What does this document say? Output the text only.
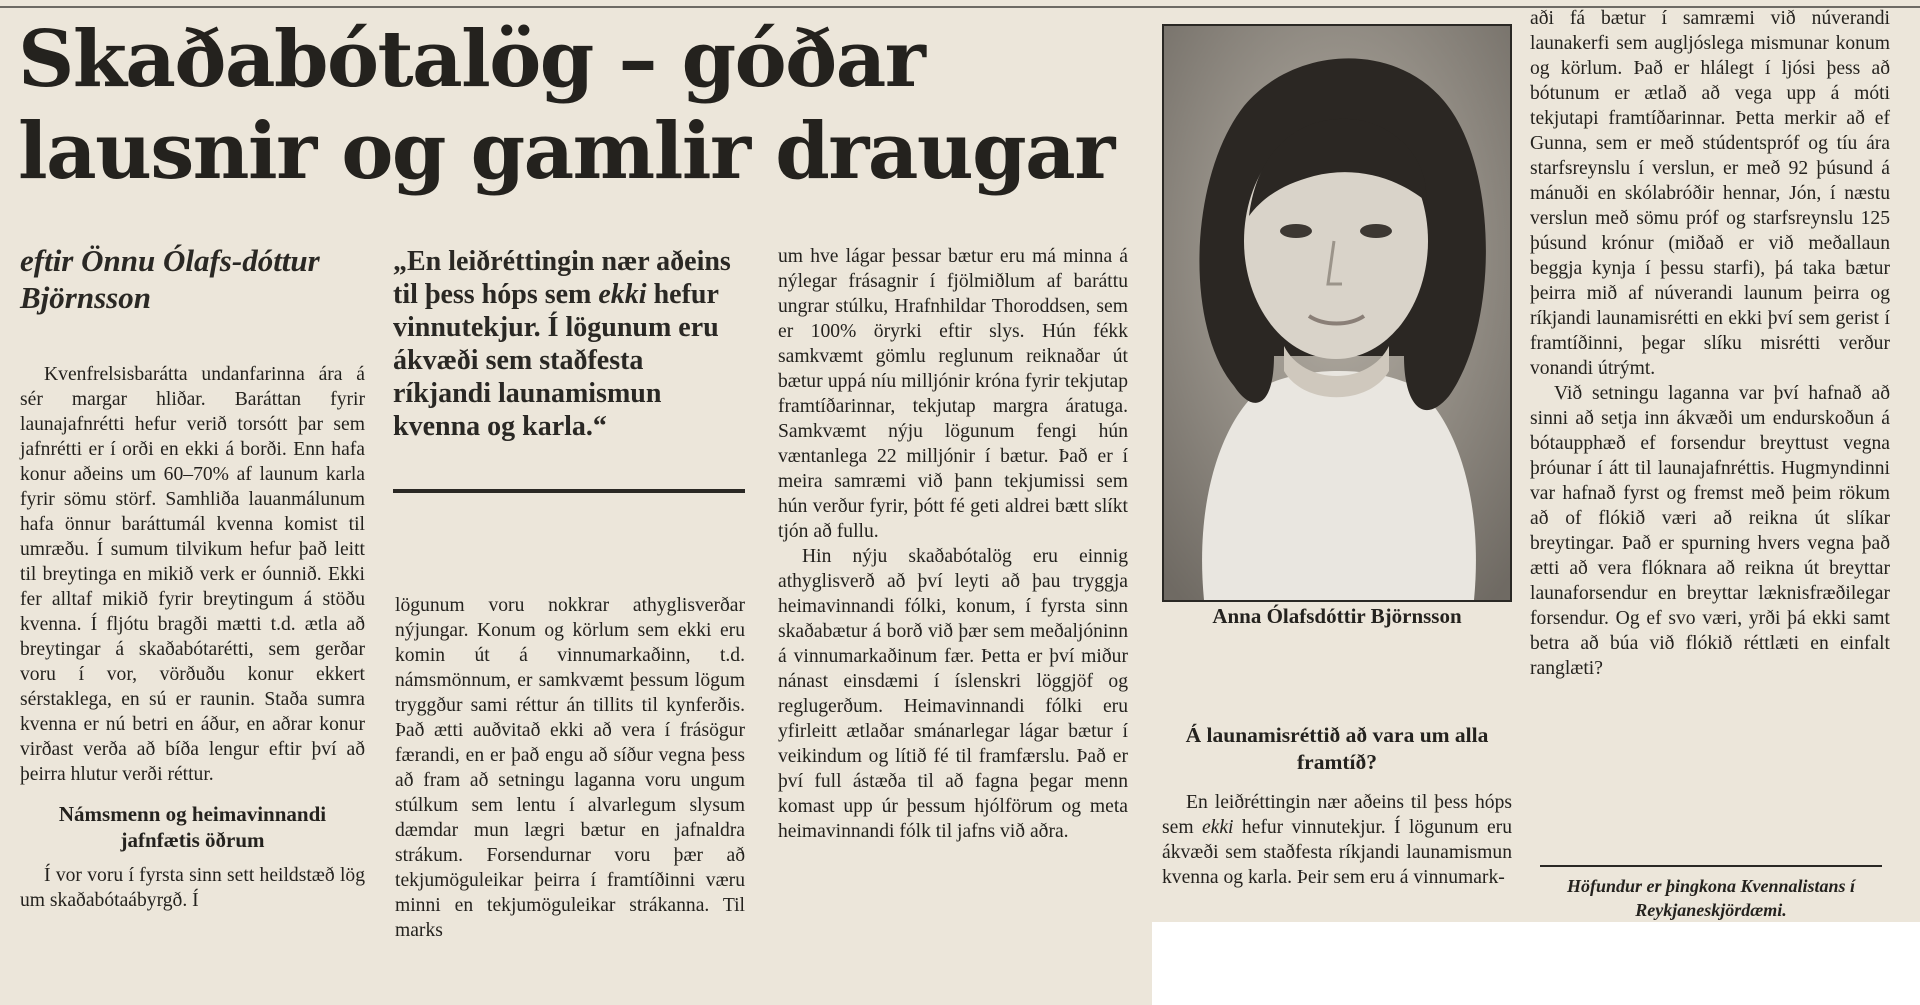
Skaðabótalög – góðar lausnir og gamlir draugar
eftir Önnu Ólafs-dóttur Björnsson
„En leiðréttingin nær aðeins til þess hóps sem ekki hefur vinnutekjur. Í lögunum eru ákvæði sem staðfesta ríkjandi launamismun kvenna og karla.“

Kvenfrelsisbarátta undanfarinna ára á sér margar hliðar. Baráttan fyrir launajafnrétti hefur verið torsótt þar sem jafnrétti er í orði en ekki á borði. Enn hafa konur aðeins um 60–70% af launum karla fyrir sömu störf. Samhliða lauanmálunum hafa önnur baráttumál kvenna komist til umræðu. Í sumum tilvikum hefur það leitt til breytinga en mikið verk er óunnið. Ekki fer alltaf mikið fyrir breytingum á stöðu kvenna. Í fljótu bragði mætti t.d. ætla að breytingar á skaðabótarétti, sem gerðar voru í vor, vörðuðu konur ekkert sérstaklega, en sú er raunin. Staða sumra kvenna er nú betri en áður, en aðrar konur virðast verða að bíða lengur eftir því að þeirra hlutur verði réttur.

Námsmenn og heimavinnandi jafnfætis öðrum

Í vor voru í fyrsta sinn sett heildstæð lög um skaðabótaábyrgð. Í

lögunum voru nokkrar athyglisverðar nýjungar. Konum og körlum sem ekki eru komin út á vinnumarkaðinn, t.d. námsmönnum, er samkvæmt þessum lögum tryggður sami réttur án tillits til kynferðis. Það ætti auðvitað ekki að vera í frásögur færandi, en er það engu að síður vegna þess að fram að setningu laganna voru ungum stúlkum sem lentu í alvarlegum slysum dæmdar mun lægri bætur en jafnaldra strákum. Forsendurnar voru þær að tekjumöguleikar þeirra í framtíðinni væru minni en tekjumöguleikar strákanna. Til marks

um hve lágar þessar bætur eru má minna á nýlegar frásagnir í fjölmiðlum af baráttu ungrar stúlku, Hrafnhildar Thoroddsen, sem er 100% öryrki eftir slys. Hún fékk samkvæmt gömlu reglunum reiknaðar út bætur uppá níu milljónir króna fyrir tekjutap framtíðarinnar, tekjutap margra áratuga. Samkvæmt nýju lögunum fengi hún væntanlega 22 milljónir í bætur. Það er í meira samræmi við þann tekjumissi sem hún verður fyrir, þótt fé geti aldrei bætt slíkt tjón að fullu.

Hin nýju skaðabótalög eru einnig athyglisverð að því leyti að þau tryggja heimavinnandi fólki, konum, í fyrsta sinn skaðabætur á borð við þær sem meðaljóninn á vinnumarkaðinum fær. Þetta er því miður nánast einsdæmi í íslenskri löggjöf og reglugerðum. Heimavinnandi fólki eru yfirleitt ætlaðar smánarlegar lágar bætur í veikindum og lítið fé til framfærslu. Það er því full ástæða til að fagna þegar menn komast upp úr þessum hjólförum og meta heimavinnandi fólk til jafns við aðra.

Anna Ólafsdóttir Björnsson
Á launamisréttið að vara um alla framtíð?

En leiðréttingin nær aðeins til þess hóps sem ekki hefur vinnutekjur. Í lögunum eru ákvæði sem staðfesta ríkjandi launamismun kvenna og karla. Þeir sem eru á vinnumark-

aði fá bætur í samræmi við núverandi launakerfi sem augljóslega mismunar konum og körlum. Það er hlálegt í ljósi þess að bótunum er ætlað að vega upp á móti tekjutapi framtíðarinnar. Þetta merkir að ef Gunna, sem er með stúdentspróf og tíu ára starfsreynslu í verslun, er með 92 þúsund á mánuði en skólabróðir hennar, Jón, í næstu verslun með sömu próf og starfsreynslu 125 þúsund krónur (miðað er við meðallaun beggja kynja í þessu starfi), þá taka bætur þeirra mið af núverandi launum þeirra og ríkjandi launamisrétti en ekki því sem gerist í framtíðinni, þegar slíku misrétti verður vonandi útrýmt.

Við setningu laganna var því hafnað að sinni að setja inn ákvæði um endurskoðun á bótaupphæð ef forsendur breyttust vegna þróunar í átt til launajafnréttis. Hugmyndinni var hafnað fyrst og fremst með þeim rökum að of flókið væri að reikna út slíkar breytingar. Það er spurning hvers vegna það ætti að vera flóknara að reikna út breyttar launaforsendur en breyttar læknisfræðilegar forsendur. Og ef svo væri, yrði þá ekki samt betra að búa við flókið réttlæti en einfalt ranglæti?

Höfundur er þingkona Kvennalistans í Reykjaneskjördæmi.
